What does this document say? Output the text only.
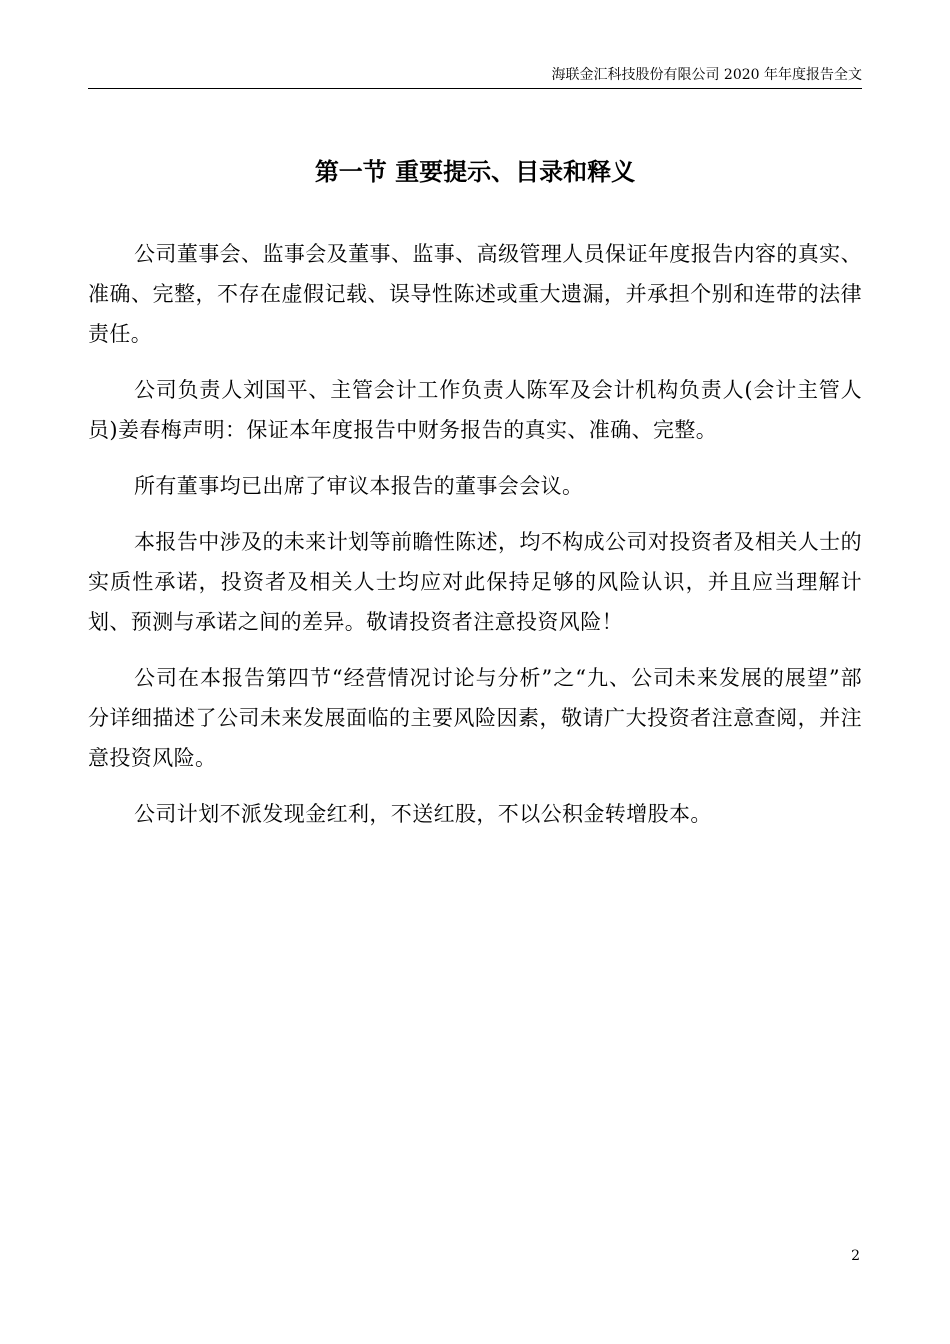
海联金汇科技股份有限公司 2020 年年度报告全文
第一节 重要提示、目录和释义

公司董事会、监事会及董事、监事、高级管理人员保证年度报告内容的真实、准确、完整，不存在虚假记载、误导性陈述或重大遗漏，并承担个别和连带的法律责任。

公司负责人刘国平、主管会计工作负责人陈军及会计机构负责人(会计主管人员)姜春梅声明：保证本年度报告中财务报告的真实、准确、完整。

所有董事均已出席了审议本报告的董事会会议。

本报告中涉及的未来计划等前瞻性陈述，均不构成公司对投资者及相关人士的实质性承诺，投资者及相关人士均应对此保持足够的风险认识，并且应当理解计划、预测与承诺之间的差异。敬请投资者注意投资风险！

公司在本报告第四节“经营情况讨论与分析”之“九、公司未来发展的展望”部分详细描述了公司未来发展面临的主要风险因素，敬请广大投资者注意查阅，并注意投资风险。

公司计划不派发现金红利，不送红股，不以公积金转增股本。

2
